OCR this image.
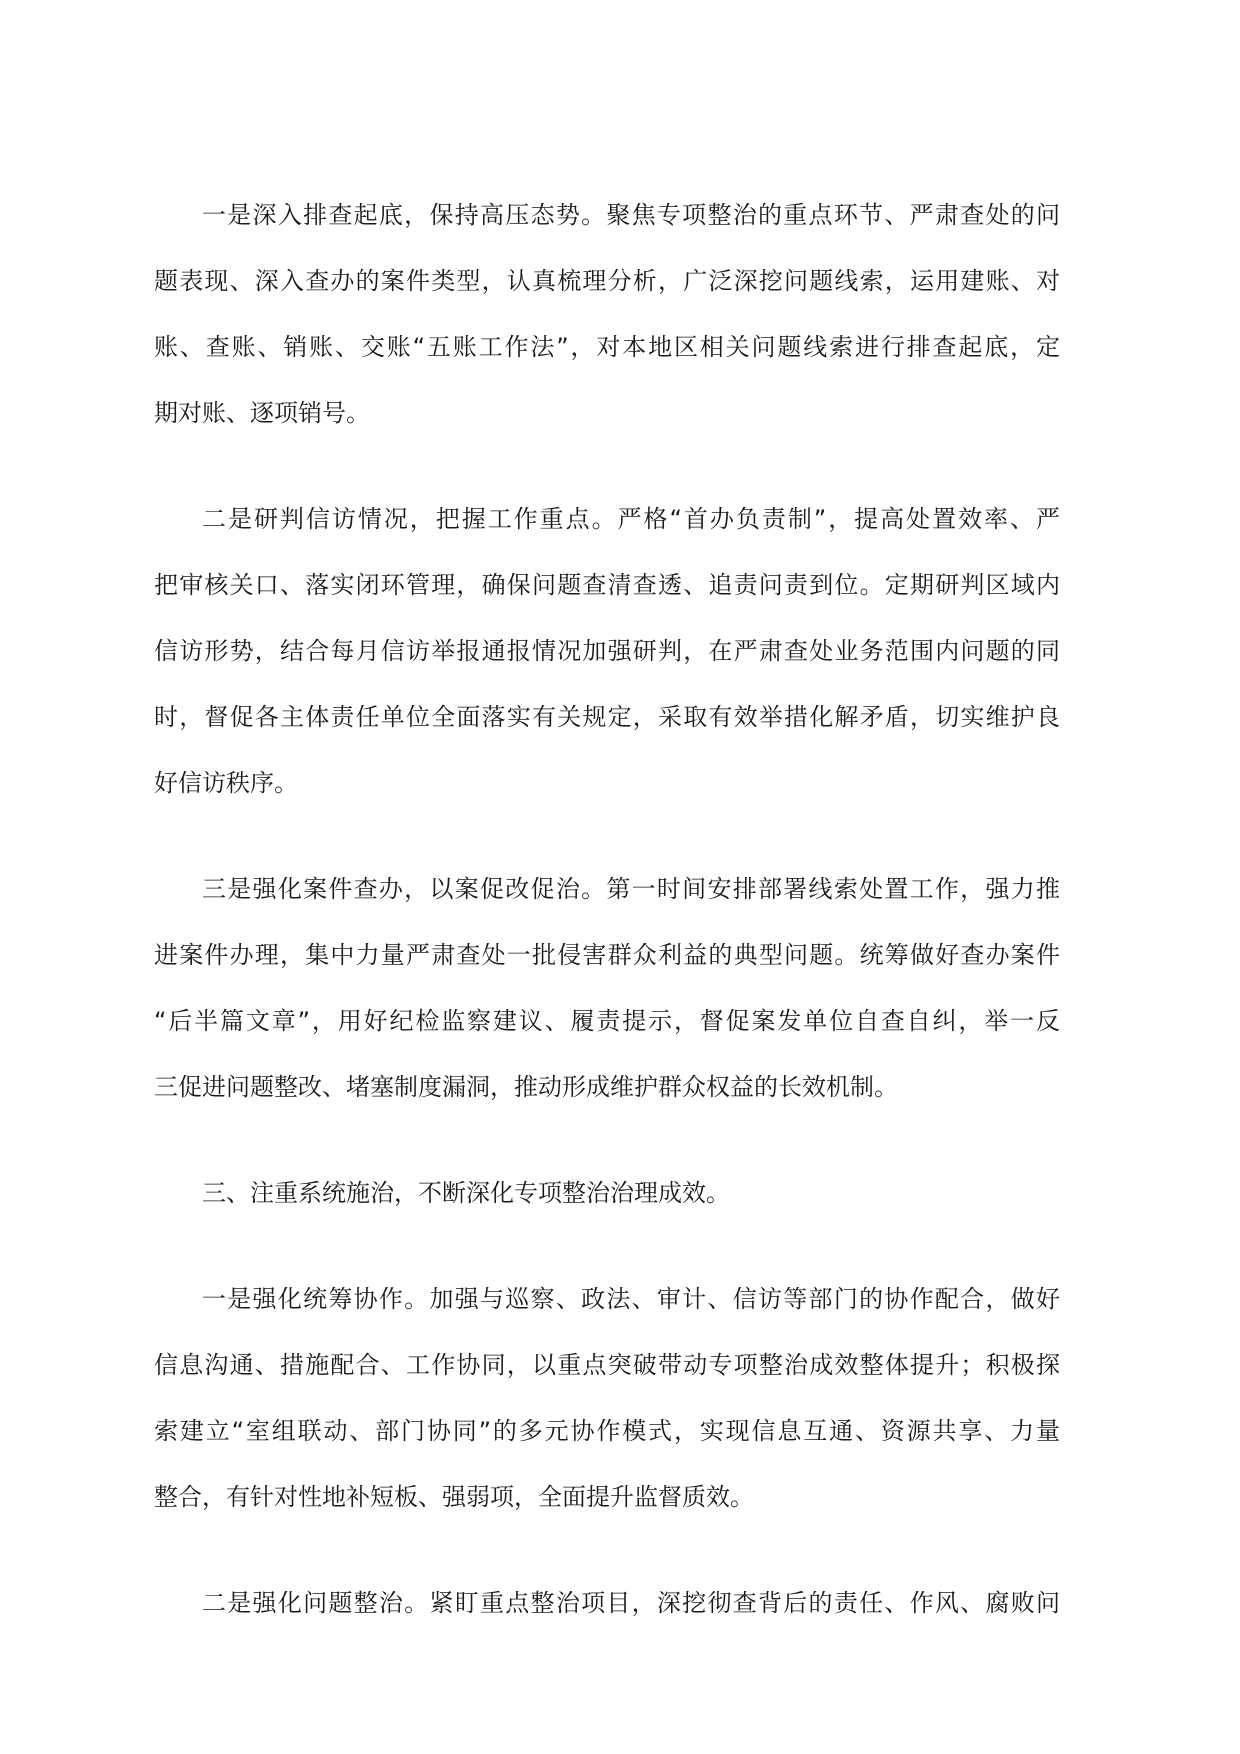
一是深入排查起底，保持高压态势。聚焦专项整治的重点环节、严肃查处的问
题表现、深入查办的案件类型，认真梳理分析，广泛深挖问题线索，运用建账、对
账、查账、销账、交账“五账工作法”，对本地区相关问题线索进行排查起底，定
期对账、逐项销号。
二是研判信访情况，把握工作重点。严格“首办负责制”，提高处置效率、严
把审核关口、落实闭环管理，确保问题查清查透、追责问责到位。定期研判区域内
信访形势，结合每月信访举报通报情况加强研判，在严肃查处业务范围内问题的同
时，督促各主体责任单位全面落实有关规定，采取有效举措化解矛盾，切实维护良
好信访秩序。
三是强化案件查办，以案促改促治。第一时间安排部署线索处置工作，强力推
进案件办理，集中力量严肃查处一批侵害群众利益的典型问题。统筹做好查办案件
“后半篇文章”，用好纪检监察建议、履责提示，督促案发单位自查自纠，举一反
三促进问题整改、堵塞制度漏洞，推动形成维护群众权益的长效机制。
三、注重系统施治，不断深化专项整治治理成效。
一是强化统筹协作。加强与巡察、政法、审计、信访等部门的协作配合，做好
信息沟通、措施配合、工作协同，以重点突破带动专项整治成效整体提升；积极探
索建立“室组联动、部门协同”的多元协作模式，实现信息互通、资源共享、力量
整合，有针对性地补短板、强弱项，全面提升监督质效。
二是强化问题整治。紧盯重点整治项目，深挖彻查背后的责任、作风、腐败问
